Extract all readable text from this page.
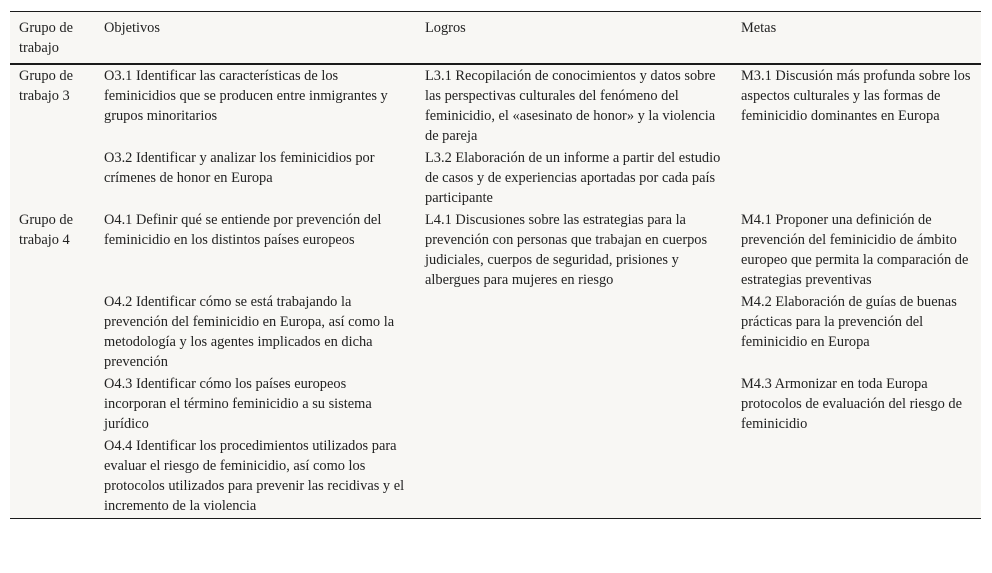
Grupo de trabajo	Objetivos	Logros	Metas
Grupo de trabajo 3	O3.1 Identificar las características de los feminicidios que se producen entre inmigrantes y grupos minoritarios	L3.1 Recopilación de conocimientos y datos sobre las perspectivas culturales del fenómeno del feminicidio, el «asesinato de honor» y la violencia de pareja	M3.1 Discusión más profunda sobre los aspectos culturales y las formas de feminicidio dominantes en Europa
	O3.2 Identificar y analizar los feminicidios por crímenes de honor en Europa	L3.2 Elaboración de un informe a partir del estudio de casos y de experiencias aportadas por cada país participante	
Grupo de trabajo 4	O4.1 Definir qué se entiende por prevención del feminicidio en los distintos países europeos	L4.1 Discusiones sobre las estrategias para la prevención con personas que trabajan en cuerpos judiciales, cuerpos de seguridad, prisiones y albergues para mujeres en riesgo	M4.1 Proponer una definición de prevención del feminicidio de ámbito europeo que permita la comparación de estrategias preventivas
	O4.2 Identificar cómo se está trabajando la prevención del feminicidio en Europa, así como la metodología y los agentes implicados en dicha prevención		M4.2 Elaboración de guías de buenas prácticas para la prevención del feminicidio en Europa
	O4.3 Identificar cómo los países europeos incorporan el término feminicidio a su sistema jurídico		M4.3 Armonizar en toda Europa protocolos de evaluación del riesgo de feminicidio
	O4.4 Identificar los procedimientos utilizados para evaluar el riesgo de feminicidio, así como los protocolos utilizados para prevenir las recidivas y el incremento de la violencia		
